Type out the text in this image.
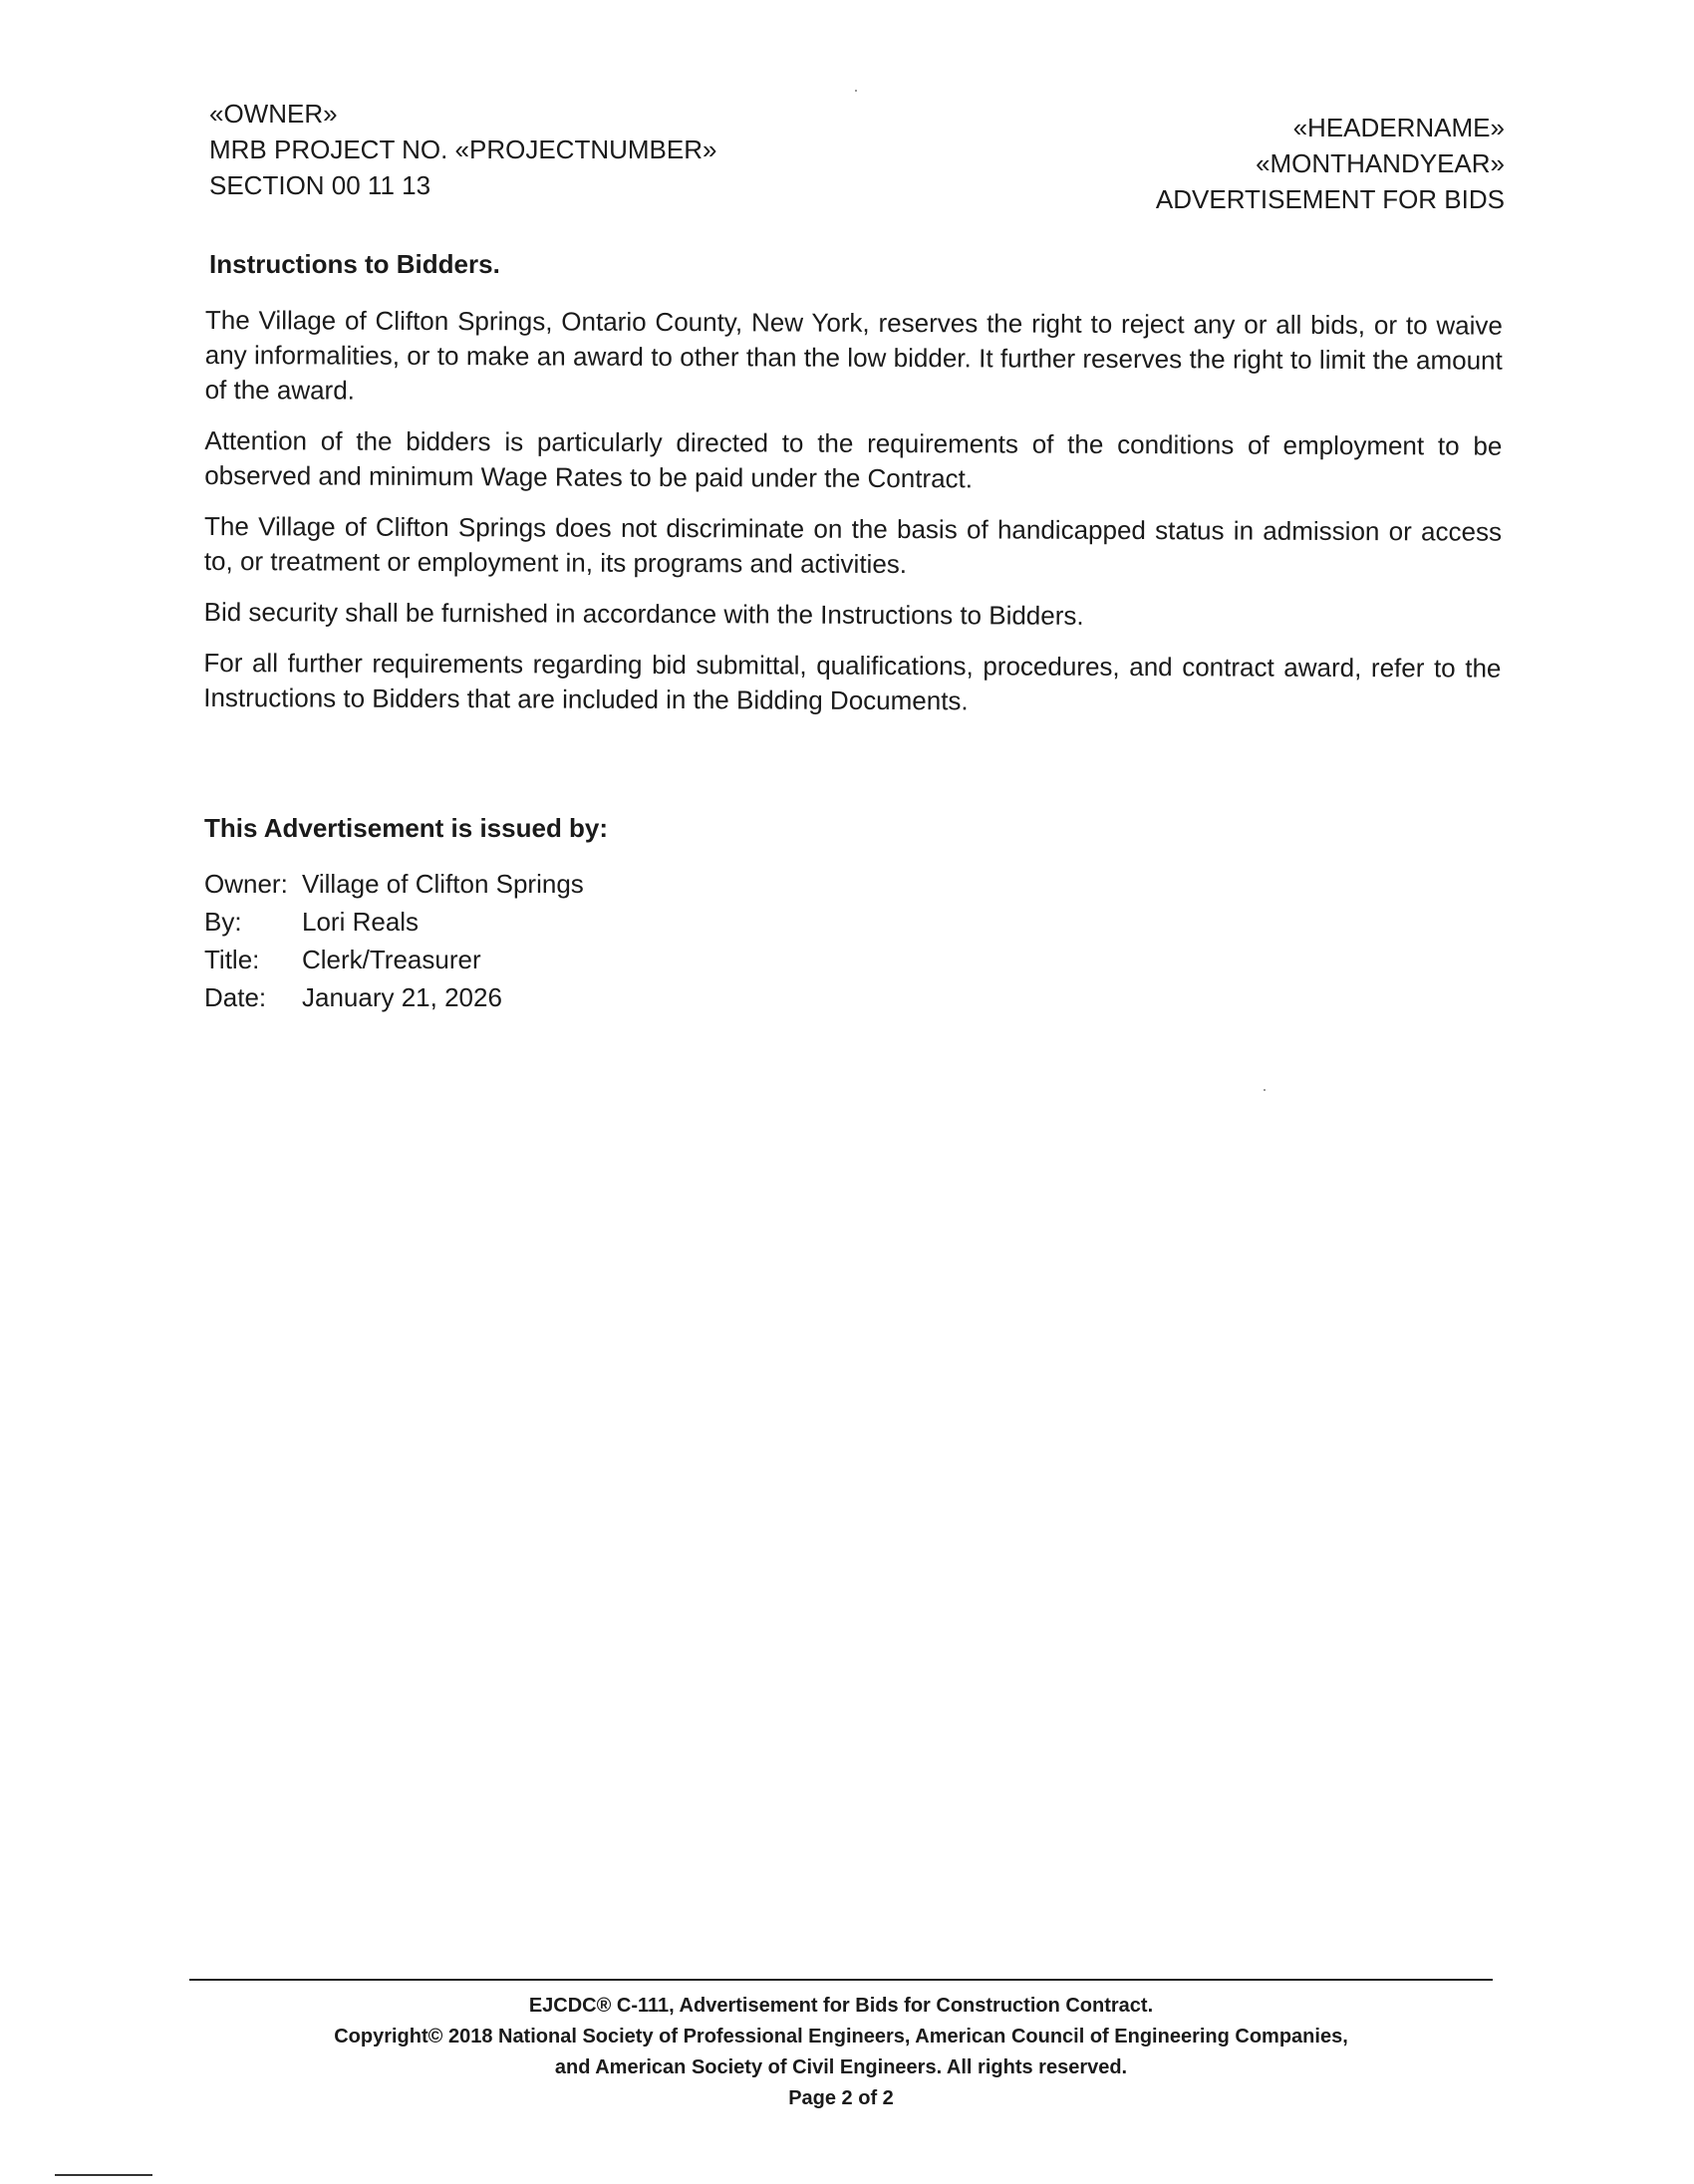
«OWNER»
MRB PROJECT NO. «PROJECTNUMBER»
SECTION 00 11 13
«HEADERNAME»
«MONTHANDYEAR»
ADVERTISEMENT FOR BIDS
Instructions to Bidders.

The Village of Clifton Springs, Ontario County, New York, reserves the right to reject any or all bids, or to waive any informalities, or to make an award to other than the low bidder. It further reserves the right to limit the amount of the award.

Attention of the bidders is particularly directed to the requirements of the conditions of employment to be observed and minimum Wage Rates to be paid under the Contract.

The Village of Clifton Springs does not discriminate on the basis of handicapped status in admission or access to, or treatment or employment in, its programs and activities.

Bid security shall be furnished in accordance with the Instructions to Bidders.

For all further requirements regarding bid submittal, qualifications, procedures, and contract award, refer to the Instructions to Bidders that are included in the Bidding Documents.

This Advertisement is issued by:
Owner: Village of Clifton Springs
By:	Lori Reals
Title:	Clerk/Treasurer
Date:	January 21, 2026
EJCDC® C-111, Advertisement for Bids for Construction Contract.
Copyright© 2018 National Society of Professional Engineers, American Council of Engineering Companies,
and American Society of Civil Engineers. All rights reserved.
Page 2 of 2
